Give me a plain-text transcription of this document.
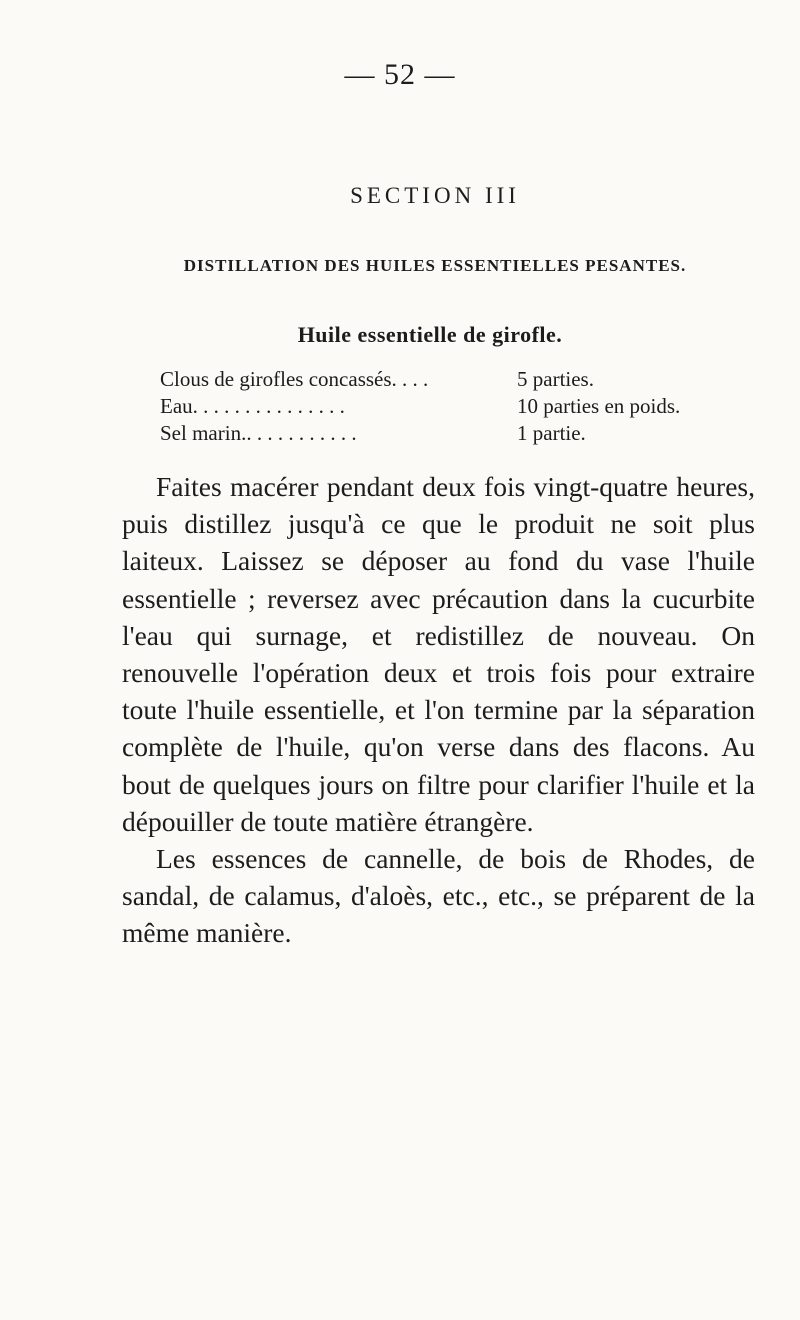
— 52 —
SECTION III
DISTILLATION DES HUILES ESSENTIELLES PESANTES.
Huile essentielle de girofle.
Clous de girofles concassés. . . .	5 parties.
Eau. . . . . . . . . . . . . . .	10 parties en poids.
Sel marin.. . . . . . . . . . .	1 partie.

Faites macérer pendant deux fois vingt-quatre heures, puis distillez jusqu'à ce que le produit ne soit plus laiteux. Laissez se déposer au fond du vase l'huile essentielle ; reversez avec précaution dans la cucurbite l'eau qui surnage, et redistillez de nouveau. On renouvelle l'opération deux et trois fois pour extraire toute l'huile essentielle, et l'on termine par la séparation complète de l'huile, qu'on verse dans des flacons. Au bout de quelques jours on filtre pour clarifier l'huile et la dépouiller de toute matière étrangère.

Les essences de cannelle, de bois de Rhodes, de sandal, de calamus, d'aloès, etc., etc., se préparent de la même manière.
